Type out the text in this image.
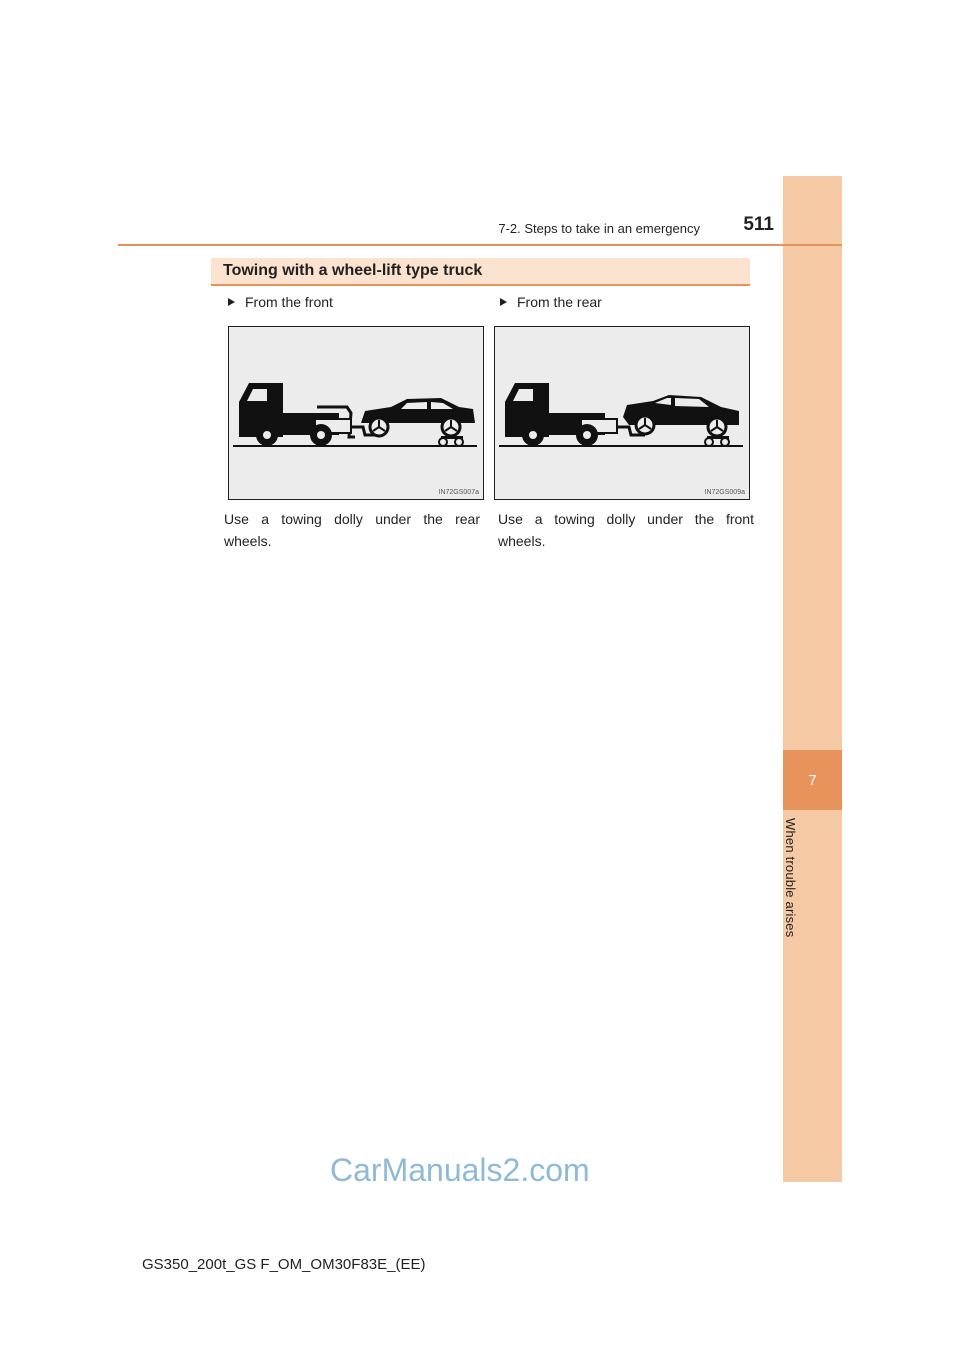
7
When trouble arises
7-2. Steps to take in an emergency	511
Towing with a wheel-lift type truck
From the front
IN72GS007a
Use a towing dolly under the rear wheels.
From the rear
IN72GS009a
Use a towing dolly under the front wheels.
CarManuals2.com
GS350_200t_GS F_OM_OM30F83E_(EE)
